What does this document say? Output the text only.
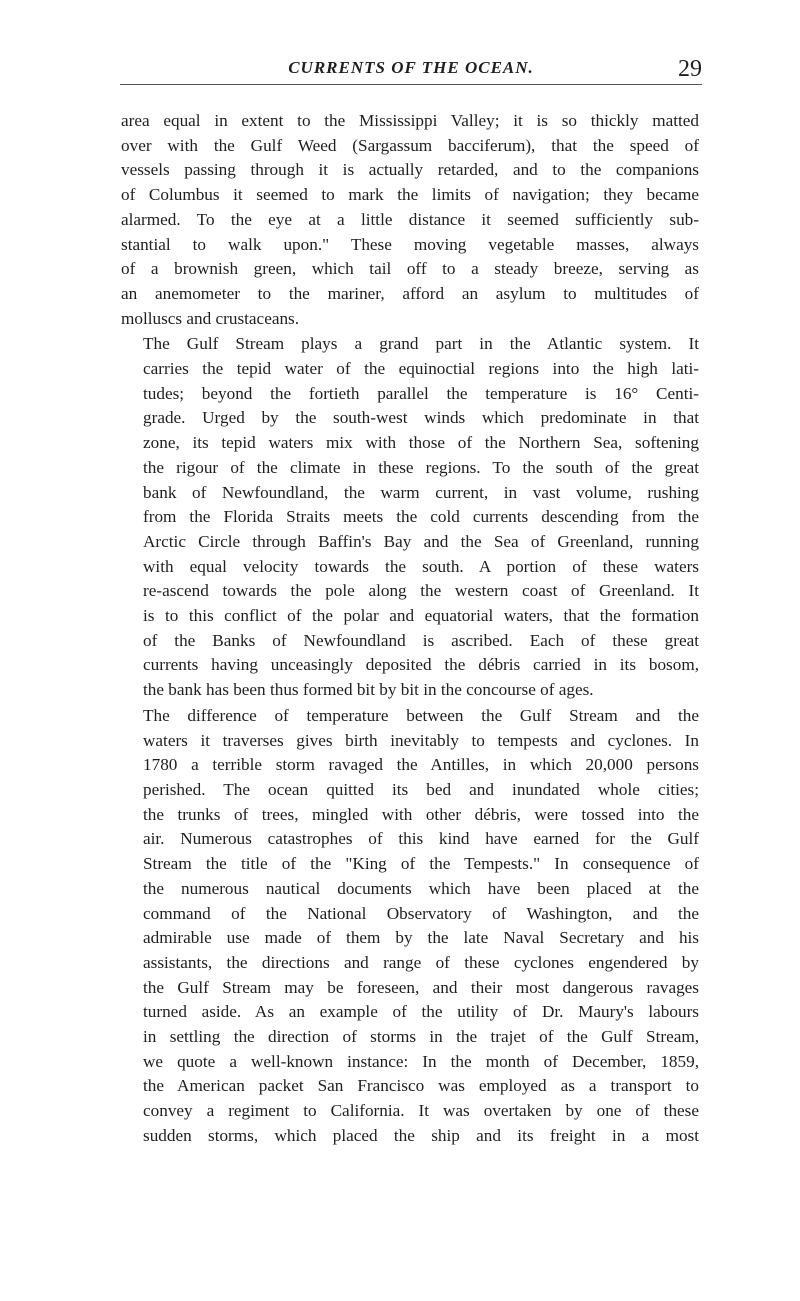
CURRENTS OF THE OCEAN.	29
area equal in extent to the Mississippi Valley; it is so thickly matted
over with the Gulf Weed (Sargassum bacciferum), that the speed of
vessels passing through it is actually retarded, and to the companions
of Columbus it seemed to mark the limits of navigation; they became
alarmed. To the eye at a little distance it seemed sufficiently sub-
stantial to walk upon." These moving vegetable masses, always
of a brownish green, which tail off to a steady breeze, serving as
an anemometer to the mariner, afford an asylum to multitudes of
molluscs and crustaceans.
The Gulf Stream plays a grand part in the Atlantic system. It
carries the tepid water of the equinoctial regions into the high lati-
tudes; beyond the fortieth parallel the temperature is 16° Centi-
grade. Urged by the south-west winds which predominate in that
zone, its tepid waters mix with those of the Northern Sea, softening
the rigour of the climate in these regions. To the south of the great
bank of Newfoundland, the warm current, in vast volume, rushing
from the Florida Straits meets the cold currents descending from the
Arctic Circle through Baffin's Bay and the Sea of Greenland, running
with equal velocity towards the south. A portion of these waters
re-ascend towards the pole along the western coast of Greenland. It
is to this conflict of the polar and equatorial waters, that the formation
of the Banks of Newfoundland is ascribed. Each of these great
currents having unceasingly deposited the débris carried in its bosom,
the bank has been thus formed bit by bit in the concourse of ages.
The difference of temperature between the Gulf Stream and the
waters it traverses gives birth inevitably to tempests and cyclones. In
1780 a terrible storm ravaged the Antilles, in which 20,000 persons
perished. The ocean quitted its bed and inundated whole cities;
the trunks of trees, mingled with other débris, were tossed into the
air. Numerous catastrophes of this kind have earned for the Gulf
Stream the title of the "King of the Tempests." In consequence of
the numerous nautical documents which have been placed at the
command of the National Observatory of Washington, and the
admirable use made of them by the late Naval Secretary and his
assistants, the directions and range of these cyclones engendered by
the Gulf Stream may be foreseen, and their most dangerous ravages
turned aside. As an example of the utility of Dr. Maury's labours
in settling the direction of storms in the trajet of the Gulf Stream,
we quote a well-known instance: In the month of December, 1859,
the American packet San Francisco was employed as a transport to
convey a regiment to California. It was overtaken by one of these
sudden storms, which placed the ship and its freight in a most
